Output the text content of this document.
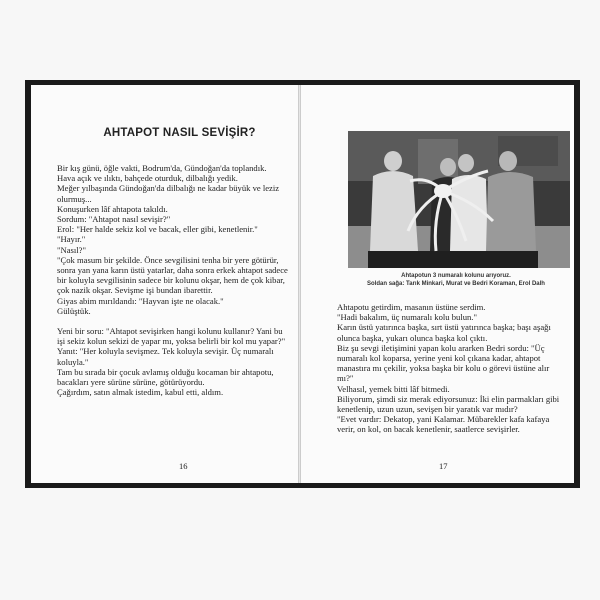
AHTAPOT NASIL SEVİŞİR?

Bir kış günü, öğle vakti, Bodrum'da, Gündoğan'da toplandık.

Hava açık ve ılıktı, bahçede oturduk, dilbalığı yedik.

Meğer yılbaşında Gündoğan'da dilbalığı ne kadar büyük ve leziz olurmuş...

Konuşurken lâf ahtapota takıldı.

Sordum: "Ahtapot nasıl sevişir?"

Erol: "Her halde sekiz kol ve bacak, eller gibi, kenetlenir."

"Hayır."

"Nasıl?"

"Çok masum bir şekilde. Önce sevgilisini tenha bir yere götürür, sonra yan yana karın üstü yatarlar, daha sonra erkek ahtapot sadece bir koluyla sevgilisinin sadece bir kolunu okşar, hem de çok kibar, çok nazik okşar. Sevişme işi bundan ibarettir.

Giyas abim mırıldandı: "Hayvan işte ne olacak."

Gülüştük.

Yeni bir soru: "Ahtapot sevişirken hangi kolunu kullanır? Yani bu işi sekiz kolun sekizi de yapar mı, yoksa belirli bir kol mu yapar?"

Yanıt: "Her koluyla sevişmez. Tek koluyla sevişir. Üç numaralı koluyla."

Tam bu sırada bir çocuk avlamış olduğu kocaman bir ahtapotu, bacakları yere sürüne sürüne, götürüyordu.

Çağırdım, satın almak istedim, kabul etti, aldım.

16
Ahtapotun 3 numaralı kolunu arıyoruz.
Soldan sağa: Tarık Minkari, Murat ve Bedri Koraman, Erol Dalh

Ahtapotu getirdim, masanın üstüne serdim.

"Hadi bakalım, üç numaralı kolu bulun."

Karın üstü yatırınca başka, sırt üstü yatırınca başka; başı aşağı olunca başka, yukarı olunca başka kol çıktı.

Biz şu sevgi iletişimini yapan kolu ararken Bedri sordu: "Üç numaralı kol koparsa, yerine yeni kol çıkana kadar, ahtapot manastıra mı çekilir, yoksa başka bir kolu o görevi üstüne alır mı?"

Velhasıl, yemek bitti lâf bitmedi.

Biliyorum, şimdi siz merak ediyorsunuz: İki elin parmakları gibi kenetlenip, uzun uzun, sevişen bir yaratık var mıdır?

"Evet vardır: Dekatop, yani Kalamar. Mübarekler kafa kafaya verir, on kol, on bacak kenetlenir, saatlerce sevişirler.

17
